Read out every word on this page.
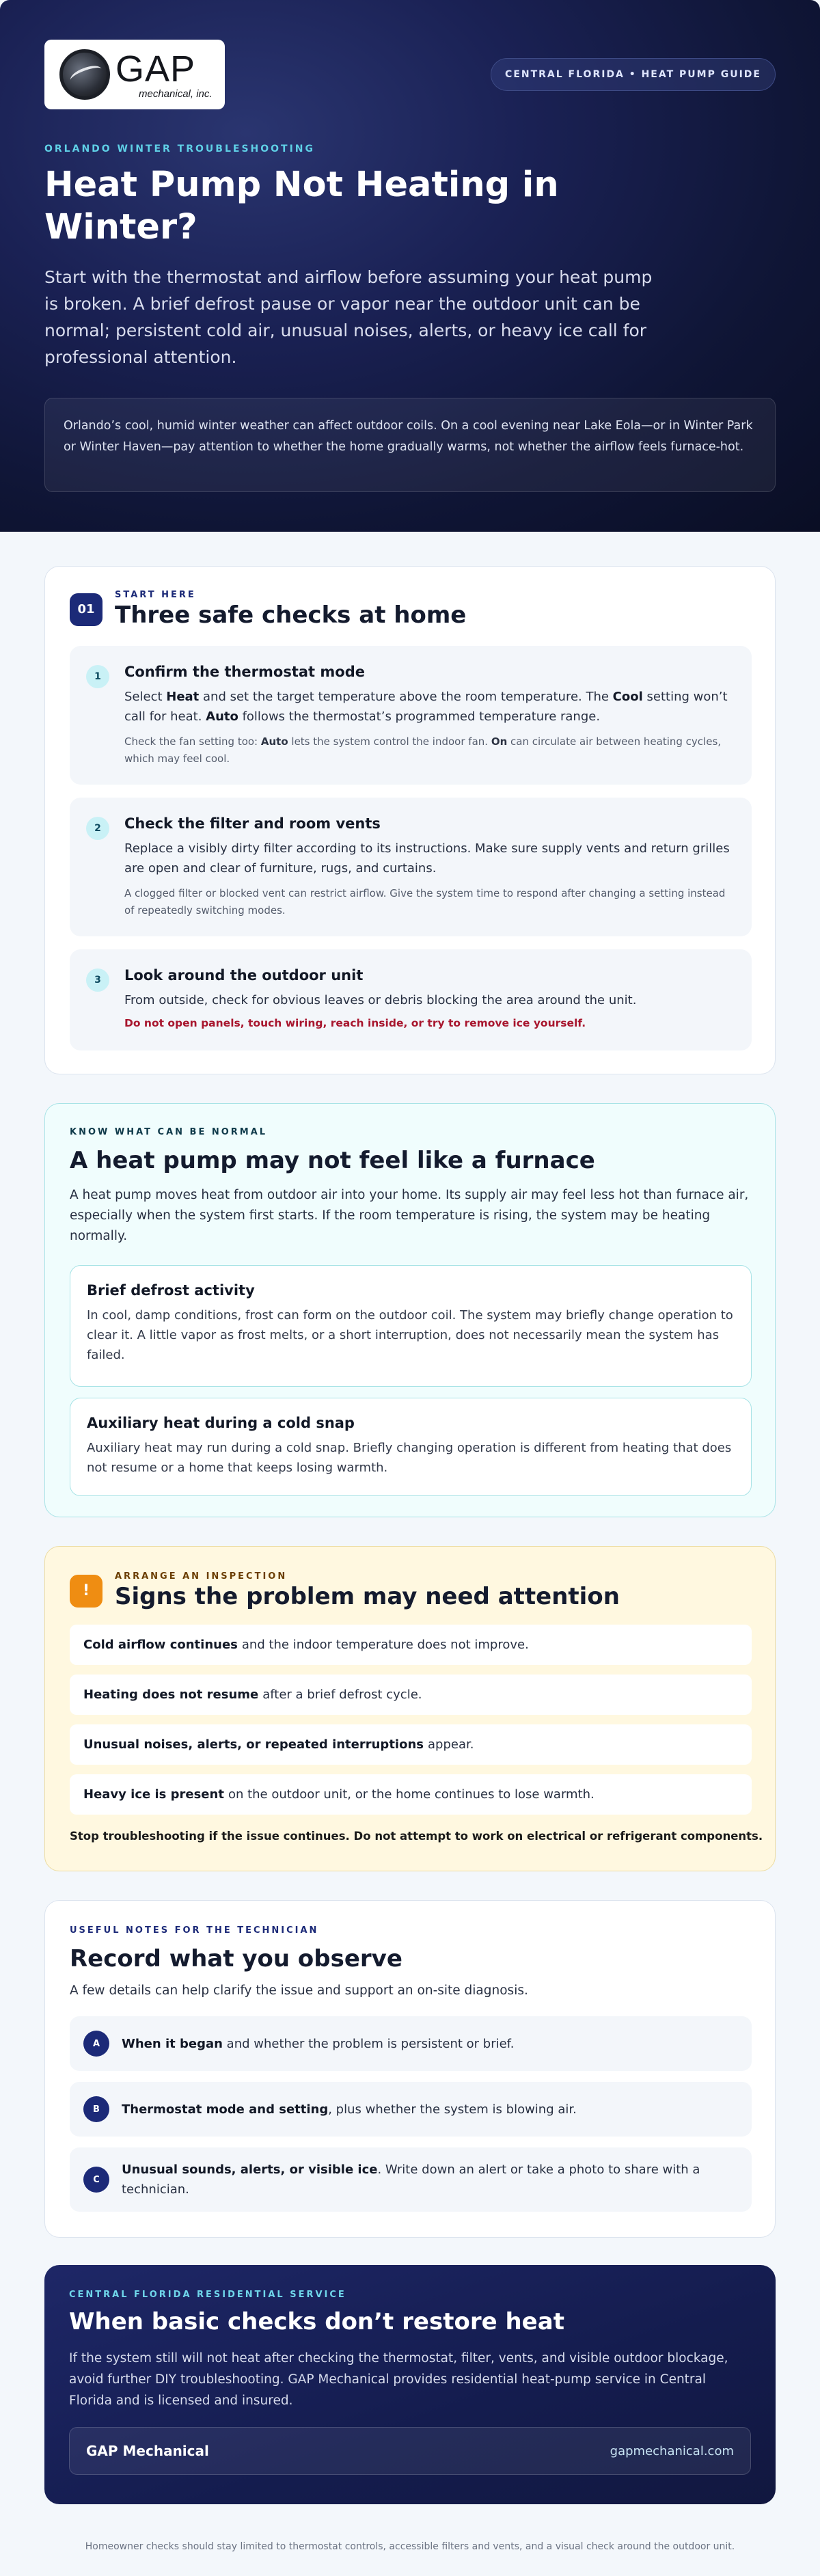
GAP
mechanical, inc.
CENTRAL FLORIDA • HEAT PUMP GUIDE
ORLANDO WINTER TROUBLESHOOTING
Heat Pump Not Heating in Winter?

Start with the thermostat and airflow before assuming your heat pump is broken. A brief defrost pause or vapor near the outdoor unit can be normal; persistent cold air, unusual noises, alerts, or heavy ice call for professional attention.

Orlando’s cool, humid winter weather can affect outdoor coils. On a cool evening near Lake Eola—or in Winter Park or Winter Haven—pay attention to whether the home gradually warms, not whether the airflow feels furnace-hot.
01
START HERE
Three safe checks at home
1	Confirm the thermostat mode
Select Heat and set the target temperature above the room temperature. The Cool setting won’t call for heat. Auto follows the thermostat’s programmed temperature range.
Check the fan setting too: Auto lets the system control the indoor fan. On can circulate air between heating cycles, which may feel cool.
2	Check the filter and room vents
Replace a visibly dirty filter according to its instructions. Make sure supply vents and return grilles are open and clear of furniture, rugs, and curtains.
A clogged filter or blocked vent can restrict airflow. Give the system time to respond after changing a setting instead of repeatedly switching modes.
3	Look around the outdoor unit
From outside, check for obvious leaves or debris blocking the area around the unit.
Do not open panels, touch wiring, reach inside, or try to remove ice yourself.
KNOW WHAT CAN BE NORMAL
A heat pump may not feel like a furnace

A heat pump moves heat from outdoor air into your home. Its supply air may feel less hot than furnace air, especially when the system first starts. If the room temperature is rising, the system may be heating normally.

Brief defrost activity
In cool, damp conditions, frost can form on the outdoor coil. The system may briefly change operation to clear it. A little vapor as frost melts, or a short interruption, does not necessarily mean the system has failed.
Auxiliary heat during a cold snap
Auxiliary heat may run during a cold snap. Briefly changing operation is different from heating that does not resume or a home that keeps losing warmth.
!
ARRANGE AN INSPECTION
Signs the problem may need attention
Cold airflow continues and the indoor temperature does not improve.
Heating does not resume after a brief defrost cycle.
Unusual noises, alerts, or repeated interruptions appear.
Heavy ice is present on the outdoor unit, or the home continues to lose warmth.
Stop troubleshooting if the issue continues. Do not attempt to work on electrical or refrigerant components.
USEFUL NOTES FOR THE TECHNICIAN
Record what you observe

A few details can help clarify the issue and support an on-site diagnosis.

A	When it began and whether the problem is persistent or brief.
B	Thermostat mode and setting, plus whether the system is blowing air.
C
Unusual sounds, alerts, or visible ice. Write down an alert or take a photo to share with a technician.
CENTRAL FLORIDA RESIDENTIAL SERVICE
When basic checks don’t restore heat

If the system still will not heat after checking the thermostat, filter, vents, and visible outdoor blockage, avoid further DIY troubleshooting. GAP Mechanical provides residential heat-pump service in Central Florida and is licensed and insured.

GAP Mechanical	gapmechanical.com
Homeowner checks should stay limited to thermostat controls, accessible filters and vents, and a visual check around the outdoor unit.
